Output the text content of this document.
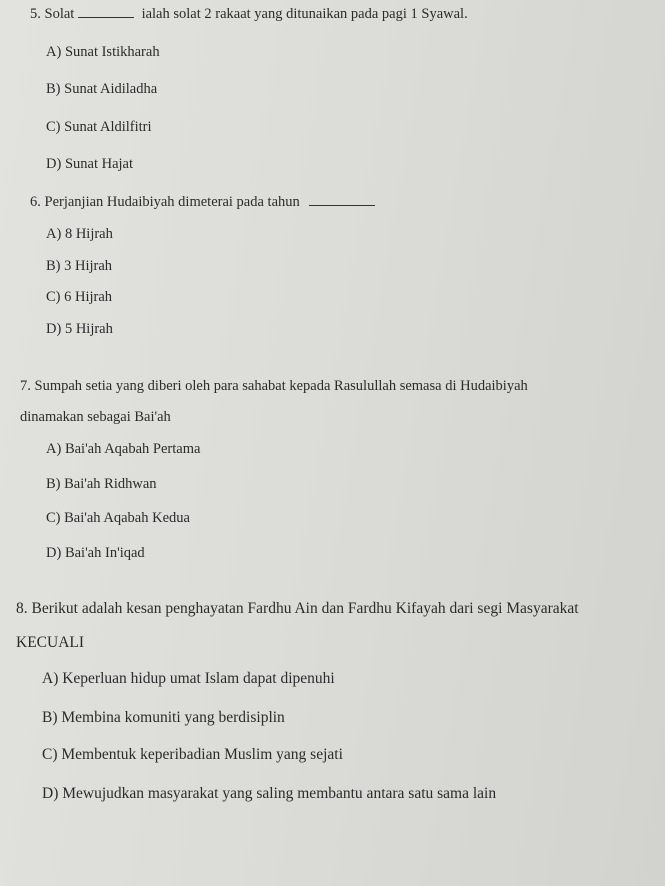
5. Solat	ialah solat 2 rakaat yang ditunaikan pada pagi 1 Syawal.
A) Sunat Istikharah
B) Sunat Aidiladha
C) Sunat Aldilfitri
D) Sunat Hajat
6. Perjanjian Hudaibiyah dimeterai pada tahun
A) 8 Hijrah
B) 3 Hijrah
C) 6 Hijrah
D) 5 Hijrah
7. Sumpah setia yang diberi oleh para sahabat kepada Rasulullah semasa di Hudaibiyah
dinamakan sebagai Bai'ah
A) Bai'ah Aqabah Pertama
B) Bai'ah Ridhwan
C) Bai'ah Aqabah Kedua
D) Bai'ah In'iqad
8. Berikut adalah kesan penghayatan Fardhu Ain dan Fardhu Kifayah dari segi Masyarakat
KECUALI
A) Keperluan hidup umat Islam dapat dipenuhi
B) Membina komuniti yang berdisiplin
C) Membentuk keperibadian Muslim yang sejati
D) Mewujudkan masyarakat yang saling membantu antara satu sama lain
